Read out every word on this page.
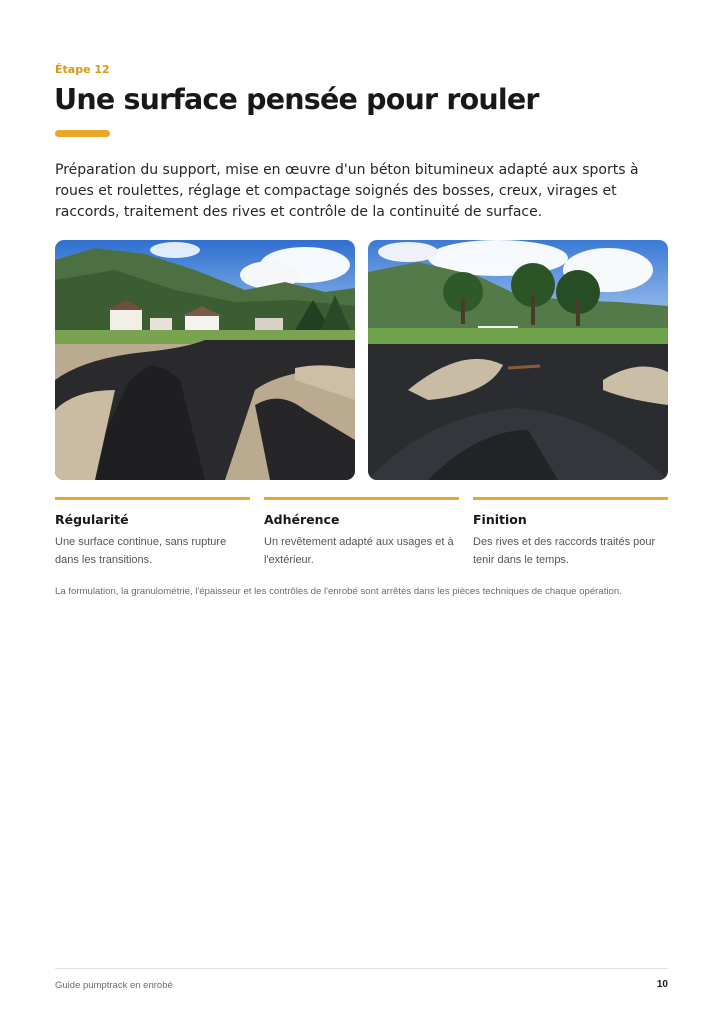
Étape 12
Une surface pensée pour rouler

Préparation du support, mise en œuvre d'un béton bitumineux adapté aux sports à roues et roulettes, réglage et compactage soignés des bosses, creux, virages et raccords, traitement des rives et contrôle de la continuité de surface.

Régularité

Une surface continue, sans rupture dans les transitions.

Adhérence

Un revêtement adapté aux usages et à l'extérieur.

Finition

Des rives et des raccords traités pour tenir dans le temps.

La formulation, la granulométrie, l'épaisseur et les contrôles de l'enrobé sont arrêtés dans les pièces techniques de chaque opération.

Guide pumptrack en enrobé	10
